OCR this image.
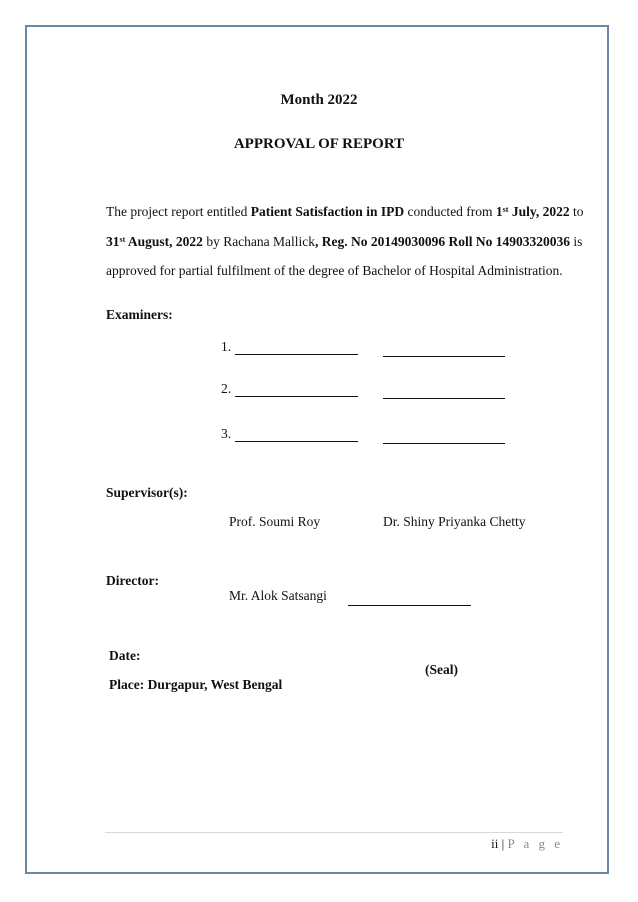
Month 2022
APPROVAL OF REPORT
The project report entitled Patient Satisfaction in IPD conducted from 1st July, 2022 to
31st August, 2022 by Rachana Mallick, Reg. No 20149030096 Roll No 14903320036 is
approved for partial fulfilment of the degree of Bachelor of Hospital Administration.
Examiners:
1.
2.
3.
Supervisor(s):
Prof. Soumi Roy	Dr. Shiny Priyanka Chetty
Director:
Mr. Alok Satsangi
Date:
(Seal)
Place: Durgapur, West Bengal
ii | P a g e
